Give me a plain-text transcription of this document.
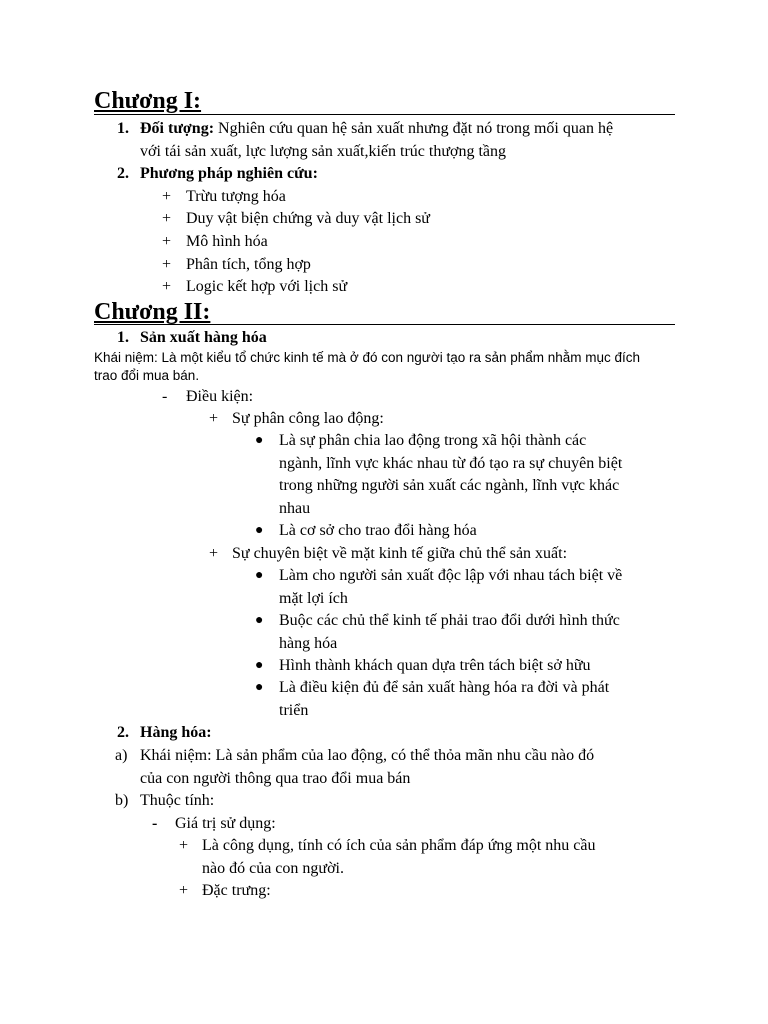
Chương I:
1. Đối tượng: Nghiên cứu quan hệ sản xuất nhưng đặt nó trong mối quan hệ
với tái sản xuất, lực lượng sản xuất,kiến trúc thượng tầng
2. Phương pháp nghiên cứu:
+ Trừu tượng hóa
+ Duy vật biện chứng và duy vật lịch sử
+ Mô hình hóa
+ Phân tích, tổng hợp
+ Logic kết hợp với lịch sử
Chương II:
1. Sản xuất hàng hóa
Khái niệm: Là một kiểu tổ chức kinh tế mà ở đó con người tạo ra sản phẩm nhằm mục đích
trao đổi mua bán.
- Điều kiện:
+ Sự phân công lao động:
● Là sự phân chia lao động trong xã hội thành các
ngành, lĩnh vực khác nhau từ đó tạo ra sự chuyên biệt
trong những người sản xuất các ngành, lĩnh vực khác
nhau
● Là cơ sở cho trao đổi hàng hóa
+ Sự chuyên biệt về mặt kinh tế giữa chủ thể sản xuất:
● Làm cho người sản xuất độc lập với nhau tách biệt về
mặt lợi ích
● Buộc các chủ thể kinh tế phải trao đổi dưới hình thức
hàng hóa
● Hình thành khách quan dựa trên tách biệt sở hữu
● Là điều kiện đủ để sản xuất hàng hóa ra đời và phát
triển
2. Hàng hóa:
a) Khái niệm: Là sản phẩm của lao động, có thể thỏa mãn nhu cầu nào đó
của con người thông qua trao đổi mua bán
b) Thuộc tính:
- Giá trị sử dụng:
+ Là công dụng, tính có ích của sản phẩm đáp ứng một nhu cầu
nào đó của con người.
+ Đặc trưng:
